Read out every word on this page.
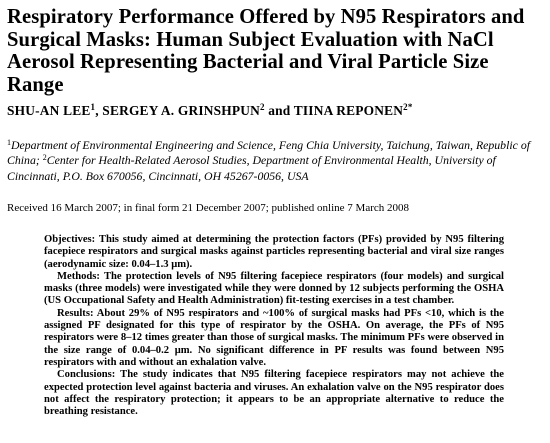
Respiratory Performance Offered by N95 Respirators and Surgical Masks: Human Subject Evaluation with NaCl Aerosol Representing Bacterial and Viral Particle Size Range

SHU-AN LEE$^1$, SERGEY A. GRINSHPUN$^2$ and TIINA $REPONEN^{2*}$

$^1$Department of Environmental Engineering and Science, Feng Chia University, Taichung, Taiwan, Republic of China; $^2$Center for Health-Related Aerosol Studies, Department of Environmental Health, University of Cincinnati, P.O. Box 670056, Cincinnati, OH 45267-0056, USA

Received 16 March 2007; in final form 21 December 2007; published online 7 March 2008

Objectives: This study aimed at determining the protection factors (PFs) provided by N95 filtering facepiece respirators and surgical masks against particles representing bacterial and viral size ranges (aerodynamic size: 0.04–1.3 μm).

Methods: The protection levels of N95 filtering facepiece respirators (four models) and surgical masks (three models) were investigated while they were donned by 12 subjects performing the OSHA (US Occupational Safety and Health Administration) fit-testing exercises in a test chamber.

Results: About 29% of N95 respirators and ~100% of surgical masks had PFs <10, which is the assigned PF designated for this type of respirator by the OSHA. On average, the PFs of N95 respirators were 8–12 times greater than those of surgical masks. The minimum PFs were observed in the size range of 0.04–0.2 μm. No significant difference in PF results was found between N95 respirators with and without an exhalation valve.

Conclusions: The study indicates that N95 filtering facepiece respirators may not achieve the expected protection level against bacteria and viruses. An exhalation valve on the N95 respirator does not affect the respiratory protection; it appears to be an appropriate alternative to reduce the breathing resistance.
